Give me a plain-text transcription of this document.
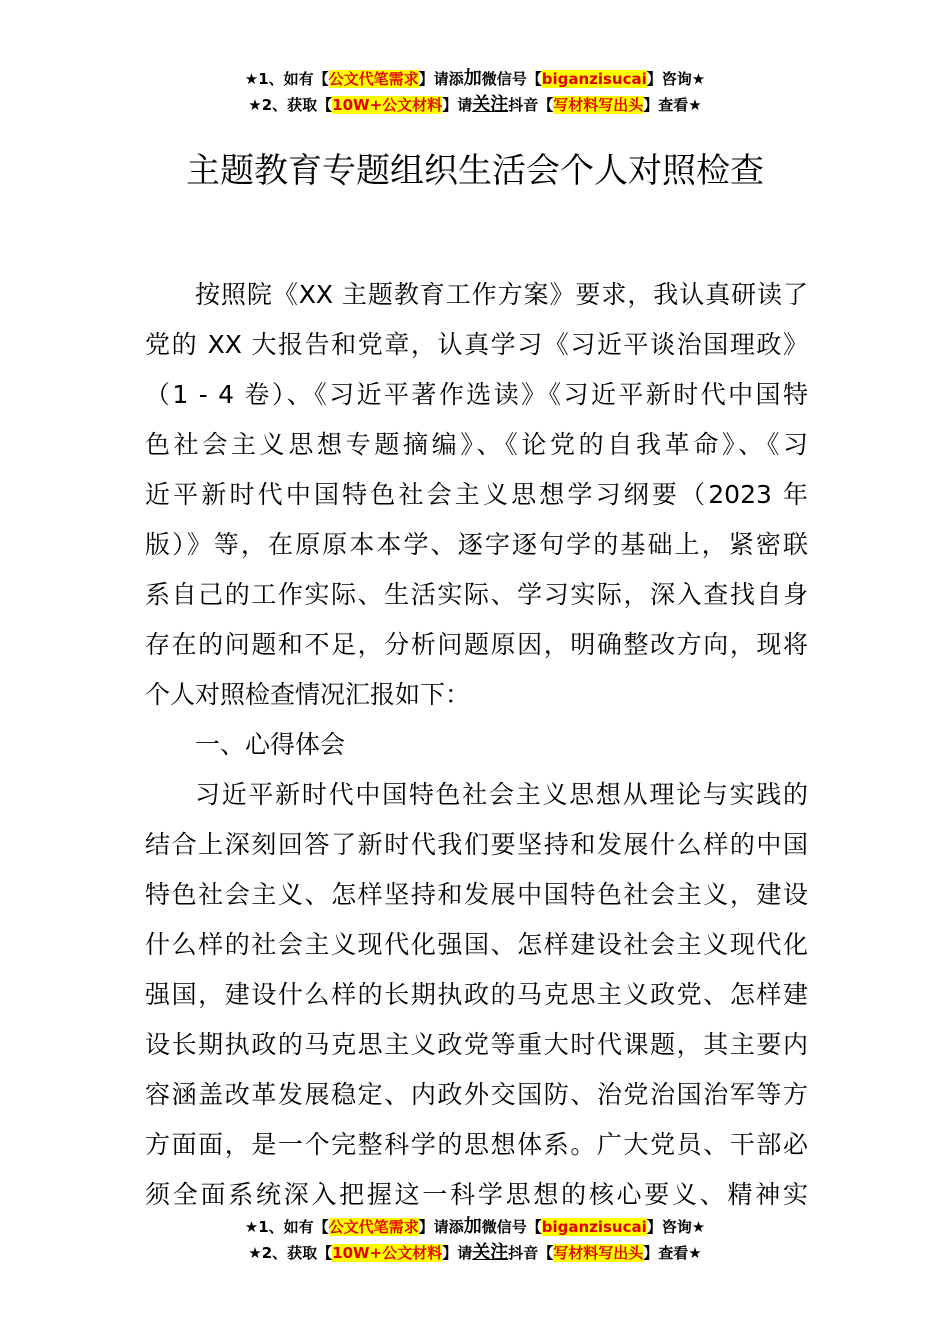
★1、如有【公文代笔需求】请添加微信号【biganzisucai】咨询★
★2、获取【10W+公文材料】请关注抖音【写材料写出头】查看★
主题教育专题组织生活会个人对照检查
按照院《XX 主题教育工作方案》要求，我认真研读了
党的 XX 大报告和党章，认真学习《习近平谈治国理政》
（1 - 4 卷）、《习近平著作选读》《习近平新时代中国特
色社会主义思想专题摘编》、《论党的自我革命》、《习
近平新时代中国特色社会主义思想学习纲要（2023 年
版）》等，在原原本本学、逐字逐句学的基础上，紧密联
系自己的工作实际、生活实际、学习实际，深入查找自身
存在的问题和不足，分析问题原因，明确整改方向，现将
个人对照检查情况汇报如下：
一、心得体会
习近平新时代中国特色社会主义思想从理论与实践的
结合上深刻回答了新时代我们要坚持和发展什么样的中国
特色社会主义、怎样坚持和发展中国特色社会主义，建设
什么样的社会主义现代化强国、怎样建设社会主义现代化
强国，建设什么样的长期执政的马克思主义政党、怎样建
设长期执政的马克思主义政党等重大时代课题，其主要内
容涵盖改革发展稳定、内政外交国防、治党治国治军等方
方面面，是一个完整科学的思想体系。广大党员、干部必
须全面系统深入把握这一科学思想的核心要义、精神实
★1、如有【公文代笔需求】请添加微信号【biganzisucai】咨询★
★2、获取【10W+公文材料】请关注抖音【写材料写出头】查看★
